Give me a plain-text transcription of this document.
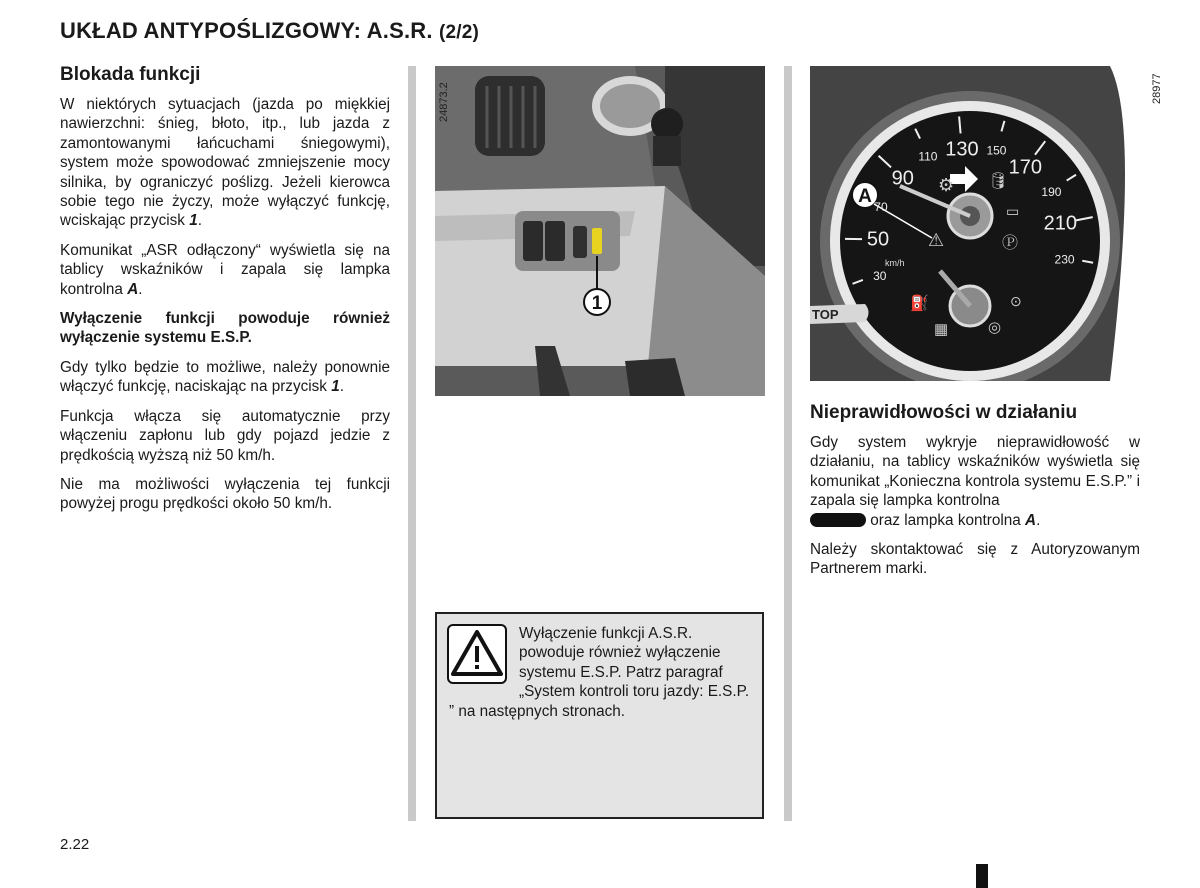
UKŁAD ANTYPOŚLIZGOWY: A.S.R. (2/2)
Blokada funkcji

W niektórych sytuacjach (jazda po miękkiej nawierzchni: śnieg, błoto, itp., lub jazda z zamontowanymi łańcuchami śniegowymi), system może spowodować zmniejszenie mocy silnika, by ograniczyć poślizg. Jeżeli kierowca sobie tego nie życzy, może wyłączyć funkcję, wciskając przycisk 1.

Komunikat „ASR odłączony“ wyświetla się na tablicy wskaźników i zapala się lampka kontrolna A.

Wyłączenie funkcji powoduje również wyłączenie systemu E.S.P.

Gdy tylko będzie to możliwe, należy ponownie włączyć funkcję, naciskając na przycisk 1.

Funkcja włącza się automatycznie przy włączeniu zapłonu lub gdy pojazd jedzie z prędkością wyższą niż 50 km/h.

Nie ma możliwości wyłączenia tej funkcji powyżej progu prędkości około 50 km/h.

1
24873.2
⚙ 🛢
▭
⚠	Ⓟ
⛽
▦	◎
⊙
km/h
TOP
A
30
70
110	150
190
230
50
90
130
170
210
28977
Nieprawidłowości w działaniu

Gdy system wykryje nieprawidłowość w działaniu, na tablicy wskaźników wyświetla się komunikat „Konieczna kontrola systemu E.S.P.” i zapala się lampka kontrolna
oraz lampka kontrolna A.

Należy skontaktować się z Autoryzowanym Partnerem marki.

Wyłączenie funkcji A.S.R. powoduje również wyłączenie systemu E.S.P. Patrz paragraf „System kontroli toru jazdy: E.S.P. ” na następnych stronach.
2.22
